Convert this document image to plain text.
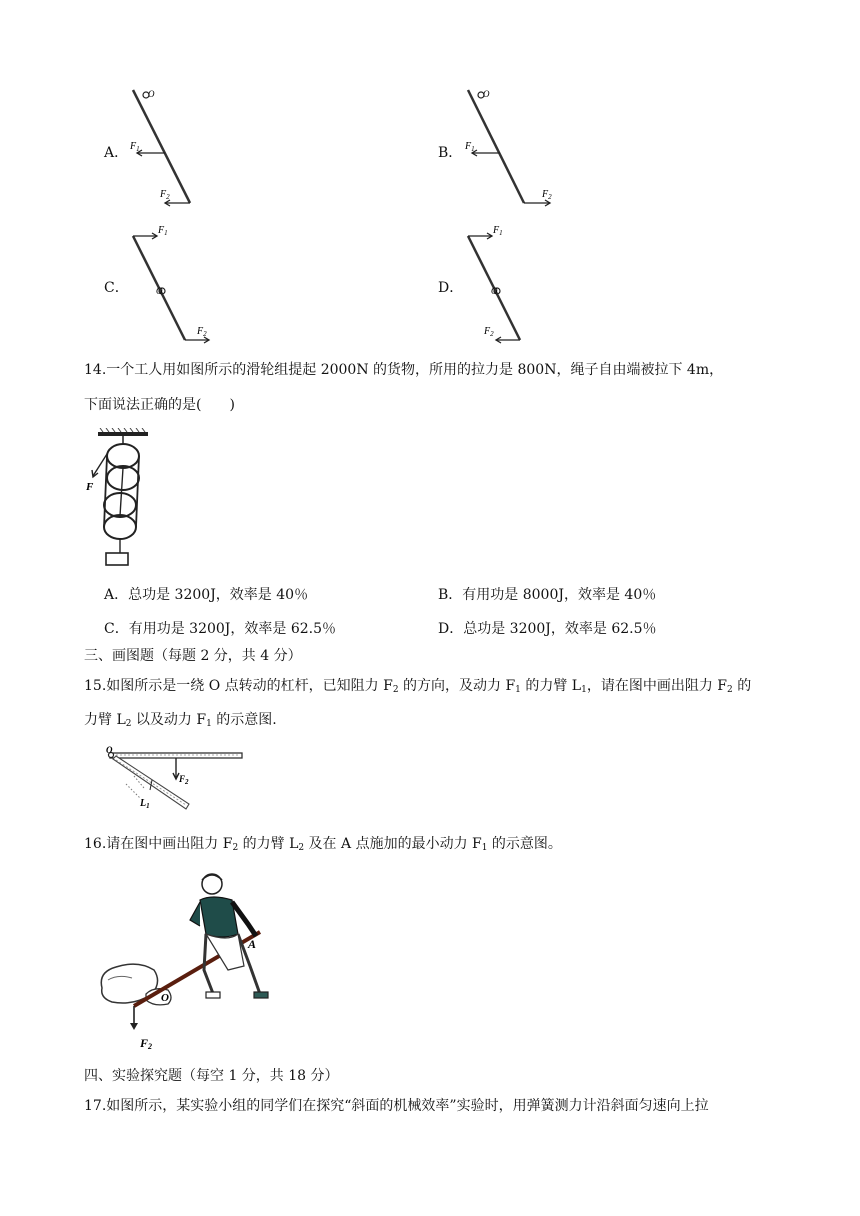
A． $F_1$
$F_2$
O
B． $F_1$
$F_2$
O
C．
$F_1$
$F_2$
O	D．
$F_1$
$F_2$
O
14.一个工人用如图所示的滑轮组提起 2000N 的货物，所用的拉力是 800N，绳子自由端被拉下 4m，
下面说法正确的是(　　)
F
A．总功是 3200J，效率是 40％	B．有用功是 8000J，效率是 40％
C．有用功是 3200J，效率是 62.5％	D．总功是 3200J，效率是 62.5％
三、画图题（每题 2 分，共 4 分）
15.如图所示是一绕 O 点转动的杠杆，已知阻力 $F_2$ 的方向，及动力 $F_1$ 的力臂 $L_1$，请在图中画出阻力 $F_2$ 的
力臂 $L_2$ 以及动力 $F_1$ 的示意图.
O
$F_2$
$L_1$
16.请在图中画出阻力 $F_2$ 的力臂 $L_2$ 及在 A 点施加的最小动力 $F_1$ 的示意图。
F2
O
A
四、实验探究题（每空 1 分，共 18 分）
17.如图所示，某实验小组的同学们在探究“斜面的机械效率”实验时，用弹簧测力计沿斜面匀速向上拉
